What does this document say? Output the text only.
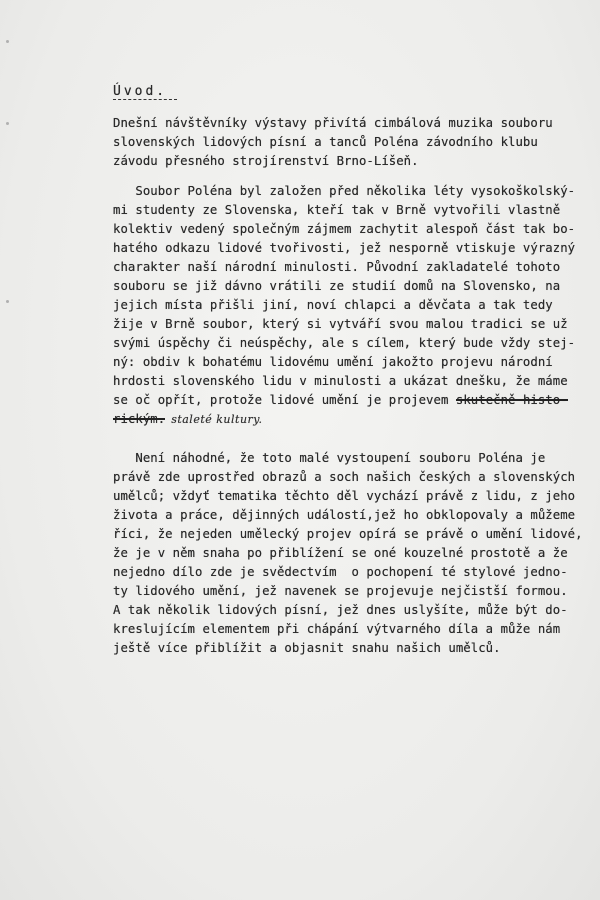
Úvod.
Dnešní návštěvníky výstavy přivítá cimbálová muzika souboru
slovenských lidových písní a tanců Poléna závodního klubu
závodu přesného strojírenství Brno-Líšeň.
Soubor Poléna byl založen před několika léty vysokoškolský-
mi studenty ze Slovenska, kteří tak v Brně vytvořili vlastně
kolektiv vedený společným zájmem zachytit alespoň část tak bo-
hatého odkazu lidové tvořivosti, jež nesporně vtiskuje výrazný
charakter naší národní minulosti. Původní zakladatelé tohoto
souboru se již dávno vrátili ze studií domů na Slovensko, na
jejich místa přišli jiní, noví chlapci a děvčata a tak tedy
žije v Brně soubor, který si vytváří svou malou tradici se už
svými úspěchy či neúspěchy, ale s cílem, který bude vždy stej-
ný: obdiv k bohatému lidovému umění jakožto projevu národní
hrdosti slovenského lidu v minulosti a ukázat dnešku, že máme
se oč opřít, protože lidové umění je projevem skutečně histo-
rickým. staleté kultury.
Není náhodné, že toto malé vystoupení souboru Poléna je
právě zde uprostřed obrazů a soch našich českých a slovenských
umělců; vždyť tematika těchto děl vychází právě z lidu, z jeho
života a práce, dějinných událostí,jež ho obklopovaly a můžeme
říci, že nejeden umělecký projev opírá se právě o umění lidové,
že je v něm snaha po přiblížení se oné kouzelné prostotě a že
nejedno dílo zde je svědectvím  o pochopení té stylové jedno-
ty lidového umění, jež navenek se projevuje nejčistší formou.
A tak několik lidových písní, jež dnes uslyšíte, může být do-
kreslujícím elementem při chápání výtvarného díla a může nám
ještě více přiblížit a objasnit snahu našich umělců.
